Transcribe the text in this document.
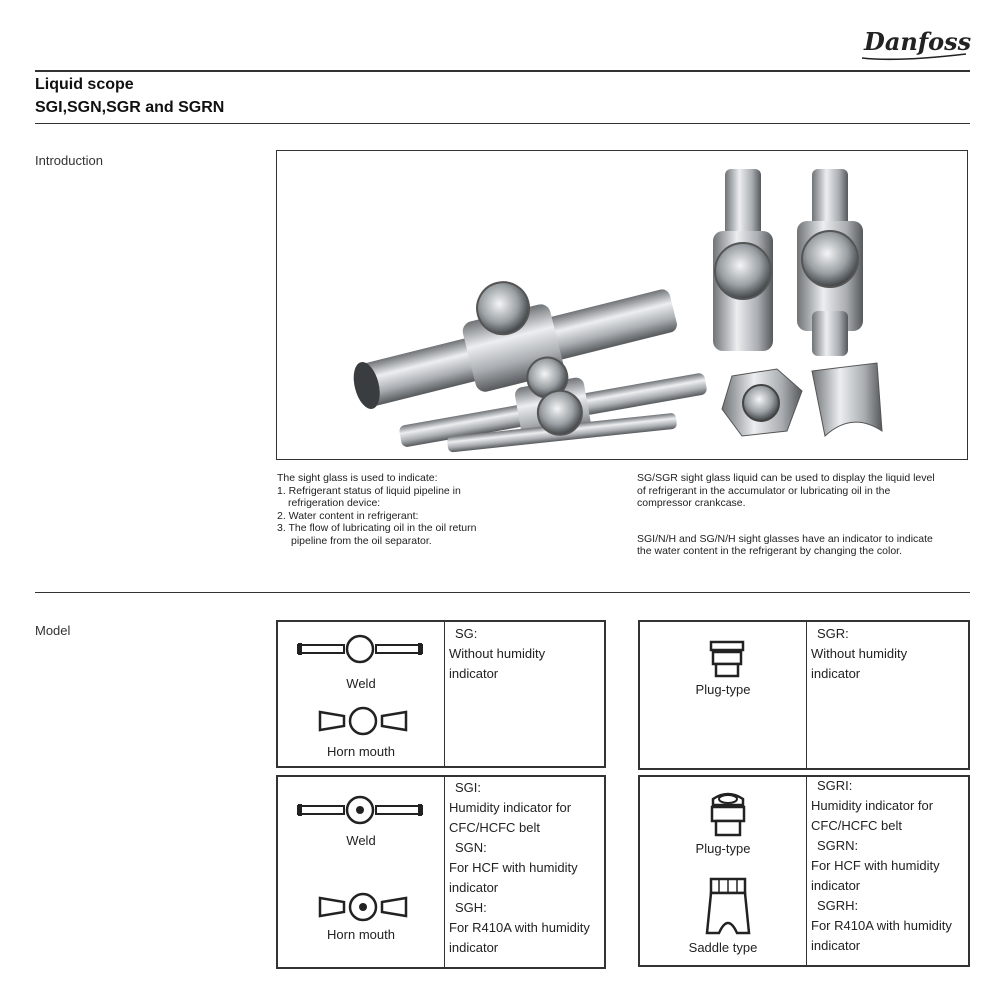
Danfoss
Liquid scope
SGI,SGN,SGR and SGRN
Introduction
The sight glass is used to indicate:
1. Refrigerant status of liquid pipeline in
refrigeration device:
2. Water content in refrigerant:
3. The flow of lubricating oil in the oil return
pipeline from the oil separator.
SG/SGR sight glass liquid can be used to display the liquid level
of refrigerant in the accumulator or lubricating oil in the
compressor crankcase.
SGI/N/H and SG/N/H sight glasses have an indicator to indicate
the water content in the refrigerant by changing the color.
Model
Weld
Horn mouth
SG:
Without humidity
indicator
Plug-type
SGR:
Without humidity
indicator
Weld
Horn mouth
SGI:
Humidity indicator for
CFC/HCFC belt
SGN:
For HCF with humidity
indicator
SGH:
For R410A with humidity
indicator
Plug-type
Saddle type
SGRI:
Humidity indicator for
CFC/HCFC belt
SGRN:
For HCF with humidity
indicator
SGRH:
For R410A with humidity
indicator
